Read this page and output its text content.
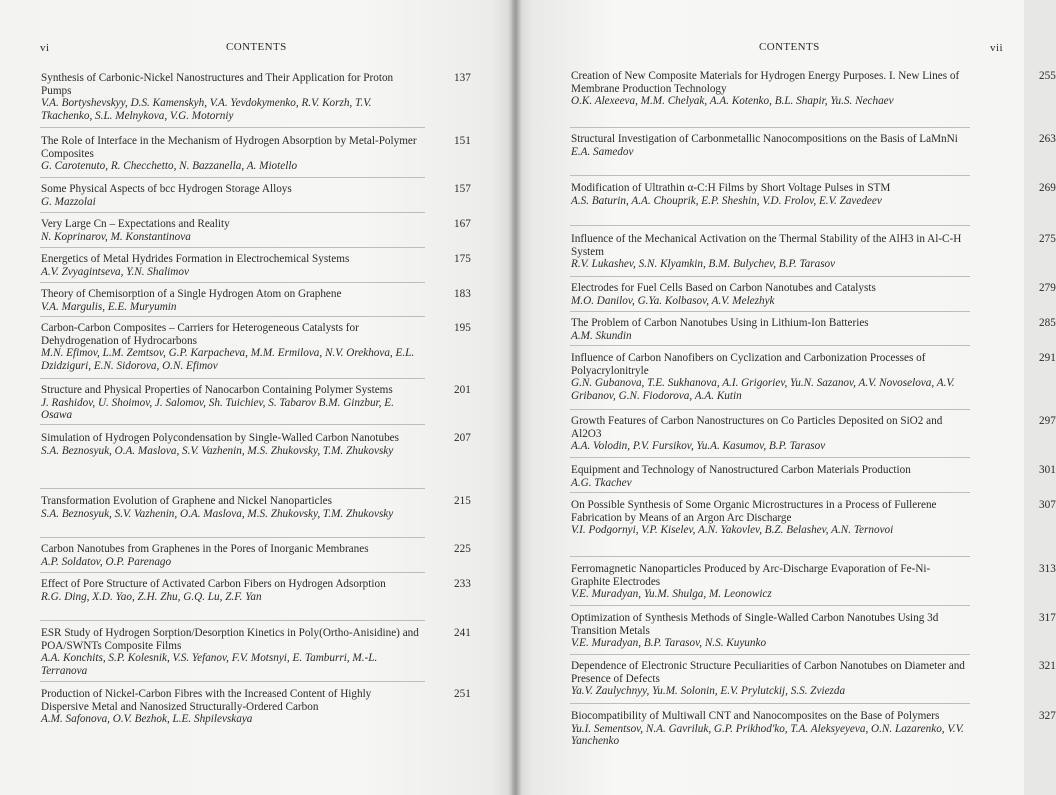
vi	CONTENTS
Synthesis of Carbonic-Nickel Nanostructures and Their Application for Proton Pumps
V.A. Bortyshevskyy, D.S. Kamenskyh, V.A. Yevdokymenko, R.V. Korzh, T.V. Tkachenko, S.L. Melnykova, V.G. Motorniy
137
The Role of Interface in the Mechanism of Hydrogen Absorption by Metal-Polymer Composites
G. Carotenuto, R. Checchetto, N. Bazzanella, A. Miotello
151
Some Physical Aspects of bcc Hydrogen Storage Alloys
G. Mazzolai
157
Very Large Cn – Expectations and Reality
N. Koprinarov, M. Konstantinova
167
Energetics of Metal Hydrides Formation in Electrochemical Systems
A.V. Zvyagintseva, Y.N. Shalimov
175
Theory of Chemisorption of a Single Hydrogen Atom on Graphene
V.A. Margulis, E.E. Muryumin
183
Carbon-Carbon Composites – Carriers for Heterogeneous Catalysts for Dehydrogenation of Hydrocarbons
M.N. Efimov, L.M. Zemtsov, G.P. Karpacheva, M.M. Ermilova, N.V. Orekhova, E.L. Dzidziguri, E.N. Sidorova, O.N. Efimov
195
Structure and Physical Properties of Nanocarbon Containing Polymer Systems
J. Rashidov, U. Shoimov, J. Salomov, Sh. Tuichiev, S. Tabarov B.M. Ginzbur, E. Osawa
201
Simulation of Hydrogen Polycondensation by Single-Walled Carbon Nanotubes
S.A. Beznosyuk, O.A. Maslova, S.V. Vazhenin, M.S. Zhukovsky, T.M. Zhukovsky
207
Transformation Evolution of Graphene and Nickel Nanoparticles
S.A. Beznosyuk, S.V. Vazhenin, O.A. Maslova, M.S. Zhukovsky, T.M. Zhukovsky
215
Carbon Nanotubes from Graphenes in the Pores of Inorganic Membranes
A.P. Soldatov, O.P. Parenago
225
Effect of Pore Structure of Activated Carbon Fibers on Hydrogen Adsorption
R.G. Ding, X.D. Yao, Z.H. Zhu, G.Q. Lu, Z.F. Yan
233
ESR Study of Hydrogen Sorption/Desorption Kinetics in Poly(Ortho-Anisidine) and POA/SWNTs Composite Films
A.A. Konchits, S.P. Kolesnik, V.S. Yefanov, F.V. Motsnyi, E. Tamburri, M.-L. Terranova
241
Production of Nickel-Carbon Fibres with the Increased Content of Highly Dispersive Metal and Nanosized Structurally-Ordered Carbon
A.M. Safonova, O.V. Bezhok, L.E. Shpilevskaya
251
CONTENTS	vii
Creation of New Composite Materials for Hydrogen Energy Purposes. I. New Lines of Membrane Production Technology
O.K. Alexeeva, M.M. Chelyak, A.A. Kotenko, B.L. Shapir, Yu.S. Nechaev
255
Structural Investigation of Carbonmetallic Nanocompositions on the Basis of LaMnNi
E.A. Samedov
263
Modification of Ultrathin α-C:H Films by Short Voltage Pulses in STM
A.S. Baturin, A.A. Chouprik, E.P. Sheshin, V.D. Frolov, E.V. Zavedeev
269
Influence of the Mechanical Activation on the Thermal Stability of the AlH3 in Al-C-H System
R.V. Lukashev, S.N. Klyamkin, B.M. Bulychev, B.P. Tarasov
275
Electrodes for Fuel Cells Based on Carbon Nanotubes and Catalysts
M.O. Danilov, G.Ya. Kolbasov, A.V. Melezhyk
279
The Problem of Carbon Nanotubes Using in Lithium-Ion Batteries
A.M. Skundin
285
Influence of Carbon Nanofibers on Cyclization and Carbonization Processes of Polyacrylonitryle
G.N. Gubanova, T.E. Sukhanova, A.I. Grigoriev, Yu.N. Sazanov, A.V. Novoselova, A.V. Gribanov, G.N. Fiodorova, A.A. Kutin
291
Growth Features of Carbon Nanostructures on Co Particles Deposited on SiO2 and Al2O3
A.A. Volodin, P.V. Fursikov, Yu.A. Kasumov, B.P. Tarasov
297
Equipment and Technology of Nanostructured Carbon Materials Production
A.G. Tkachev
301
On Possible Synthesis of Some Organic Microstructures in a Process of Fullerene Fabrication by Means of an Argon Arc Discharge
V.I. Podgornyi, V.P. Kiselev, A.N. Yakovlev, B.Z. Belashev, A.N. Ternovoi
307
Ferromagnetic Nanoparticles Produced by Arc-Discharge Evaporation of Fe-Ni-Graphite Electrodes
V.E. Muradyan, Yu.M. Shulga, M. Leonowicz
313
Optimization of Synthesis Methods of Single-Walled Carbon Nanotubes Using 3d Transition Metals
V.E. Muradyan, B.P. Tarasov, N.S. Kuyunko
317
Dependence of Electronic Structure Peculiarities of Carbon Nanotubes on Diameter and Presence of Defects
Ya.V. Zaulychnyy, Yu.M. Solonin, E.V. Prylutckij, S.S. Zviezda
321
Biocompatibility of Multiwall CNT and Nanocomposites on the Base of Polymers
Yu.I. Sementsov, N.A. Gavriluk, G.P. Prikhod'ko, T.A. Aleksyeyeva, O.N. Lazarenko, V.V. Yanchenko
327
